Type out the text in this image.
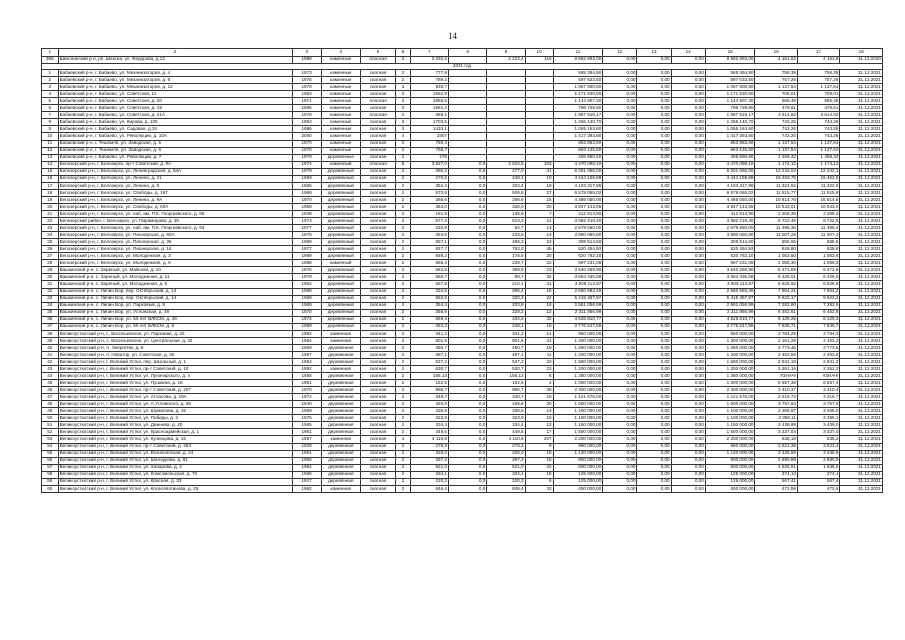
14
1	2	3	4	5	6	7	8	9	10	11	12	13	14	15	16	17	18
355	Шекснинский р-н, рп. Шексна, ул. Федорова, д.13	1988	каменные	плоская	3	2 332,2		2 223,4	115	9 682 893,00	0,00	0,00	0,00	9 682 893,00	4 151,82	4 151,8	31.12.2020
2021 год																	
1	Бабаевский р-н, г. Бабаево, ул. Механизаторов, д. 4	1973	каменные	скатная	2	777,9				585 394,90	0,00	0,00	0,00	585 394,90	756,39	756,39	31.12.2021
2	Бабаевский р-н, г. Бабаево, ул. Механизаторов, д. 8	1976	каменные	скатная	2	789,2				597 633,50	0,00	0,00	0,00	597 633,50	757,26	757,26	31.12.2021
3	Бабаевский р-н, г. Бабаево, ул. Механизаторов, д. 12	1979	каменные	скатная	3	938,7				1 067 800,80	0,00	0,00	0,00	1 067 800,80	1 137,54	1 137,54	31.12.2021
4	Бабаевский р-н, г. Бабаево, ул. Советская, 11	1963	каменные	скатная	3	1652,9				1 171 930,60	0,00	0,00	0,00	1 171 930,60	709,01	709,01	31.12.2021
5	Бабаевский р-н, г. Бабаево, ул. Советская, д. 20	1971	каменные	плоская	3	1955,5				1 144 907,30	0,00	0,00	0,00	1 144 907,30	585,48	585,48	31.12.2021
6	Бабаевский р-н, г. Бабаево, ул. Советская, д. 19	1965	каменные	скатная	3	1661,2				796 729,80	0,00	0,00	0,00	796 729,80	479,61	479,61	31.12.2021
7	Бабаевский р-н, г. Бабаево, ул. Советская, д. 21А	1976	каменные	плоская	2	488,1				1 687 516,17	0,00	0,00	0,00	1 687 516,17	3 514,92	3 514,92	31.12.2021
8	Бабаевский р-н, г. Бабаево, ул. Кирова, д. 105	1993	каменные	скатная	3	1703,5				1 266 140,70	0,00	0,00	0,00	1 266 140,70	743,26	743,26	31.12.2021
9	Бабаевский р-н, г. Бабаево, ул. Садовая, д.34	1986	каменные	скатная	3	1433,1				1 065 163,60	0,00	0,00	0,00	1 065 163,60	743,26	743,26	31.12.2021
10	Бабаевский р-н, г. Бабаево, ул. Революции, д. 10А	2000	каменные	скатная	4	1907				1 417 393,80	0,00	0,00	0,00	1 417 393,80	743,26	743,26	31.12.2021
11	Бабаевский р-н, г. Тешемля, ул. Заводская, д. 5	1970	каменные	скатная	2	750,4				853 863,60	0,00	0,00	0,00	853 863,60	1 137,54	1 137,54	31.12.2021
12	Бабаевский р-н, г. Тешемля, ул. Заводская, д. 6	1970	каменные	скатная	2	758,7				863 125,60	0,00	0,00	0,00	863 125,60	1 137,54	1 137,54	31.12.2021
13	Бабаевский р-н, г. Бабаево, ул. Революции, д. 7	1979	деревянные	скатная	2	279				406 890,60	0,00	0,00	0,00	406 890,60	1 458,42	1 458,42	31.12.2021
14	Белозерский р-н, г. Белозерск, пр-т Советский, д. 9А	1974	каменный	плоская	5	3 627,0	0,0	3 624,5	103	4 470 098,10	0,00	0,00	0,00	4 470 098,10	1 174,12	1 174,12	31.12.2021
15	Белозерский р-н, г. Белозерск, ул. Ленинградская, д. 64А	1979	деревянный	скатная	2	490,2	0,0	477,0	31	6 001 066,00	0,00	0,00	0,00	6 001 066,00	12 242,04	12 242,1	31.12.2021
16	Белозерский р-н, г. Белозерск, ул. Ленина, д. 21	1969	деревянный	скатная	2	270,6	0,0	249,4	10	4 444 158,89	0,00	0,00	0,00	4 444 158,89	16 453,75	16 453,8	31.12.2021
17	Белозерский р-н, г. Белозерск, ул. Ленина, д. 8	1966	деревянный	скатная	2	362,4	0,0	333,4	19	4 103 317,96	0,00	0,00	0,00	4 103 317,96	11 322,62	11 322,6	31.12.2021
18	Белозерский р-н, г. Белозерск, ул. Свободы, д. 167	1969	деревянный	скатная	2	570,9	0,0	506,8	27	6 578 065,02	0,00	0,00	0,00	6 578 065,02	11 515,77	11 515,8	31.12.2021
19	Белозерский р-н, г. Белозерск, ул. Ленина, д. 9А	1970	деревянный	скатная	2	266,6	0,0	266,6	16	4 486 050,00	0,00	0,00	0,00	4 486 050,00	16 814,76	16 814,8	31.12.2021
20	Белозерский р-н, г. Белозерск, ул. Свободы, д. 60А	1969	деревянный	скатная	2	364,0	0,0	336,0	20	3 847 143,65	0,00	0,00	0,00	3 847 143,65	10 543,01	10 543,0	31.12.2021
21	Белозерский р-н, г. Белозерск, ул. наб. им. П.К. Георгиевского, д. 65	1949	деревянный	скатная	2	181,9	0,0	138,8	7	412 814,90	0,00	0,00	0,00	412 814,90	2 268,36	2 268,4	31.12.2021
22	Белозерский район, г. Белозерск, ул. Пирамидова, д. 35	1973	деревянный	скатная	2	577,3	0,0	513,3	21	3 882 218,40	0,00	0,00	0,00	3 882 218,40	6 722,46	6 722,5	31.12.2021
23	Белозерский р-н, г. Белозерск, ул. наб. им. П.К. Георгиевского, д. 63	1977	деревянный	скатная	2	232,9	0,0	94,7	13	2 679 550,00	0,00	0,00	0,00	2 679 550,00	11 496,36	11 496,4	31.12.2021
24	Белозерский р-н, г. Белозерск, ул. Пионерская, д. 60А	1975	деревянный	скатная	2	353,5	0,0	233,8	13	3 890 060,80	0,00	0,00	0,00	3 890 060,80	11 007,28	11 007,3	31.12.2021
25	Белозерский р-н, г. Белозерск, ул. Пионерская, д. 36	1969	деревянный	скатная	2	557,1	0,0	496,3	23	309 514,50	0,00	0,00	0,00	309 514,50	555,56	555,6	31.12.2021
26	Белозерский р-н, г. Белозерск, ул. Пионерская, д. 16	1977	деревянный	скатная	2	827,7	0,0	763,0	45	520 454,93	0,00	0,00	0,00	520 454,93	628,80	628,8	31.12.2021
27	Белозерский р-н, г. Белозерск, ул. Молодежная, д. 3	1989	деревянный	скатная	2	589,2	0,0	178,5	20	620 782,10	0,00	0,00	0,00	620 782,10	1 053,60	1 053,6	31.12.2021
28	Белозерский р-н, г. Белозерск, ул. Молодежная, д. 9	1986	каменный	скатная	2	566,4	0,0	239,7	22	597 231,06	0,00	0,00	0,00	597 231,06	1 056,30	1 056,3	31.12.2021
29	Вашкинский р-н, с. Зареный, ул. Майская, д. 10	1975	деревянный	скатная	2	562,5	0,0	399,5	23	3 640 269,90	0,00	0,00	0,00	3 640 269,90	6 471,59	6 471,6	31.12.2021
30	Вашкинский р-н, с. Зареный, ул. Молодежная, д. 11	1979	деревянный	скатная	2	568,7	0,0	98,7	32	3 654 435,58	0,00	0,00	0,00	3 654 435,58	6 426,01	6 426,0	31.12.2021
31	Вашкинский р-н, с. Зареный, ул. Молодежная, д. 5	1962	деревянный	скатная	2	557,8	0,0	210,1	31	3 509 113,87	0,00	0,00	0,00	3 509 113,87	6 628,92	6 628,9	31.12.2021
32	Вашкинский р-н, с. Липин Бор, пер. Октябрьский, д. 13	1968	деревянный	скатная	2	334,5	0,0	295,4	15	2 650 683,49	0,00	0,00	0,00	2 650 683,49	7 954,21	7 954,2	31.12.2021
33	Вашкинский р-н, с. Липин Бор, пер. Октябрьский, д. 14	1969	деревянный	скатная	2	562,5	0,0	320,3	22	5 415 357,97	0,00	0,00	0,00	5 415 357,97	9 622,17	9 622,2	31.12.2021
34	Вашкинский р-н, с. Липин Бор, ул. Парковый, д. 9	1969	деревянный	скатная	2	354,4	0,0	203,8	16	2 581 056,99	0,00	0,00	0,00	2 581 056,99	7 282,90	7 282,9	31.12.2021
35	Вашкинский р-н, с. Липин Бор, ул. Устюжская, д. 48	1970	деревянный	скатная	2	358,9	0,0	329,2	12	2 311 866,99	0,00	0,00	0,00	2 311 866,99	6 452,61	6 452,6	31.12.2021
36	Вашкинский р-н, с. Липин Бор, ул. 50 лет ВЛКСМ, д. 49	1974	деревянный	скатная	2	569,4	0,0	334,2	32	4 628 810,77	0,00	0,00	0,00	4 628 810,77	8 129,28	8 129,3	31.12.2021
37	Вашкинский р-н, с. Липин Бор, ул. 50 лет ВЛКСМ, д. 6	1989	деревянный	скатная	2	354,3	0,0	248,1	18	2 776 547,86	0,00	0,00	0,00	2 776 547,86	7 836,71	7 836,7	31.12.2021
38	Великоустюгский р-н, с. Васильевское, ул. Парковая, д. 25	1982	каменная	скатная	2	341,2	0,0	341,2	14	950 000,00	0,00	0,00	0,00	950 000,00	2 784,29	2 784,3	31.12.2021
39	Великоустюгский р-н, с. Васильевское, ул. Центральная, д. 42	1984	каменная	скатная	2	601,5	0,0	601,5	31	1 300 000,00	0,00	0,00	0,00	1 300 000,00	2 161,26	2 161,3	31.12.2021
40	Великоустюгский р-н, п. Энергетик, д. 6	1969	деревянная	скатная	2	450,7	0,0	450,7	19	1 250 000,00	0,00	0,00	0,00	1 250 000,00	2 773,46	2 773,5	31.12.2021
41	Великоустюгский р-н, п. Новатор, ул. Советская, д. 30	1967	деревянная	скатная	2	487,1	0,0	487,1	11	1 200 000,00	0,00	0,00	0,00	1 200 000,00	2 463,56	2 463,6	31.12.2021
42	Великоустюгский р-н, г. Великий Устюг, пер. Школьный, д. 1	1952	деревянная	скатная	2	537,2	0,0	537,2	23	1 580 000,00	0,00	0,00	0,00	1 580 000,00	2 941,18	2 941,2	31.12.2021
43	Великоустюгский р-н, г. Великий Устюг, пр-т Советский, д. 10	1992	каменная	скатная	2	530,7	0,0	530,7	23	1 200 000,00	0,00	0,00	0,00	1 200 000,00	2 261,16	2 261,2	31.12.2021
44	Великоустюгский р-н, г. Великий Устюг, ул. Луначарского, д. 4	1958	деревянная	скатная	2	156,13	0,0	156,13	6	1 380 000,00	0,00	0,00	0,00	1 380 000,00	#ЗНАЧ!	#ЗНАЧ!	31.12.2021
45	Великоустюгский р-н, г. Великий Устюг, ул. Пушкина, д. 16	1961	деревянная	скатная	2	152,5	0,0	152,5	4	1 000 000,00	0,00	0,00	0,00	1 000 000,00	6 557,38	6 557,4	31.12.2021
46	Великоустюгский р-н, г. Великий Устюг, пр-т Советский, д. 207	1970	деревянная	скатная	2	995,7	0,0	995,7	36	2 400 000,00	0,00	0,00	0,00	2 400 000,00	2 410,37	2 410,4	31.12.2021
47	Великоустюгский р-н, г. Великий Устюг, ул. Атласова, д. 19А	1972	деревянная	скатная	2	348,7	0,0	348,7	15	1 121 675,00	0,00	0,00	0,00	1 121 675,00	3 216,73	3 216,7	31.12.2021
48	Великоустюгский р-н, г. Великий Устюг, ул. А.Угловского, д. 56	1940	деревянная	скатная	2	425,8	0,0	425,8	20	1 600 000,00	0,00	0,00	0,00	1 600 000,00	3 757,63	3 757,6	31.12.2021
49	Великоустюгский р-н, г. Великий Устюг, ул. Шумилова, д. 32	1959	деревянная	скатная	2	336,8	0,0	336,8	13	1 100 000,00	0,00	0,00	0,00	1 100 000,00	3 265,97	3 266,0	31.12.2021
50	Великоустюгский р-н, г. Великий Устюг, ул. Победы, д. 3	1975	деревянная	скатная	2	323,9	0,0	323,9	15	1 100 000,00	0,00	0,00	0,00	1 100 000,00	3 396,11	3 396,1	31.12.2021
51	Великоустюгский р-н, г. Великий Устюг, ул. Дежнева, д. 20	1965	деревянная	скатная	2	334,4	0,0	334,4	13	1 150 000,00	0,00	0,00	0,00	1 150 000,00	3 438,99	3 439,0	31.12.2021
52	Великоустюгский р-н, г. Великий Устюг, ул. Красноармейская, д. 1	1961	деревянная	скатная	2	449,5	0,0	449,5	17	1 500 000,00	0,00	0,00	0,00	1 500 000,00	3 337,04	3 337,0	31.12.2021
53	Великоустюгский р-н, г. Великий Устюг, ул. Кузнецова, д. 15	1957	каменная	скатная	4	4 110,8	0,0	4 110,8	207	2 200 000,00	0,00	0,00	0,00	2 200 000,00	535,18	535,2	31.12.2021
54	Великоустюгский р-н, г. Великий Устюг, пр-т Советский, д. 253	1929	деревянная	скатная	2	278,3	0,0	278,3	9	980 000,00	0,00	0,00	0,00	980 000,00	3 521,38	3 521,4	31.12.2021
55	Великоустюгский р-н, г. Великий Устюг, ул. Вознесенская, д. 24	1961	деревянная	скатная	2	326,0	0,0	326,0	16	1 120 000,00	0,00	0,00	0,00	1 120 000,00	3 435,58	3 435,6	31.12.2021
56	Великоустюгский р-н, г. Великий Устюг, ул. Шалаурова, д. 61	1955	деревянная	скатная	2	297,3	0,0	297,3	15	800 000,00	0,00	0,00	0,00	800 000,00	2 690,88	2 690,9	31.12.2021
57	Великоустюгский р-н, г. Великий Устюг, ул. Хабарова, д. 4	1964	деревянная	скатная	2	521,0	0,0	521,0	22	800 000,00	0,00	0,00	0,00	800 000,00	1 535,51	1 535,5	31.12.2021
58	Великоустюгский р-н, г. Великий Устюг, ул. Комсомольская, д. 70	1966	деревянная	скатная	2	334,1	0,0	334,1	18	125 000,00	0,00	0,00	0,00	125 000,00	374,14	374,1	31.12.2021
59	Великоустюгский р-н, г. Великий Устюг, ул. Красная, д. 33	1917	деревянная	скатная	2	220,3	0,0	220,3	5	125 000,00	0,00	0,00	0,00	125 000,00	567,41	567,4	31.12.2021
60	Великоустюгский р-н, г. Великий Устюг, ул. Колесе́вэтинова, д. 25	1962	каменная	скатная	2	846,4	0,0	846,4	33	400 000,00	0,00	0,00	0,00	400 000,00	472,59	472,6	31.12.2021
